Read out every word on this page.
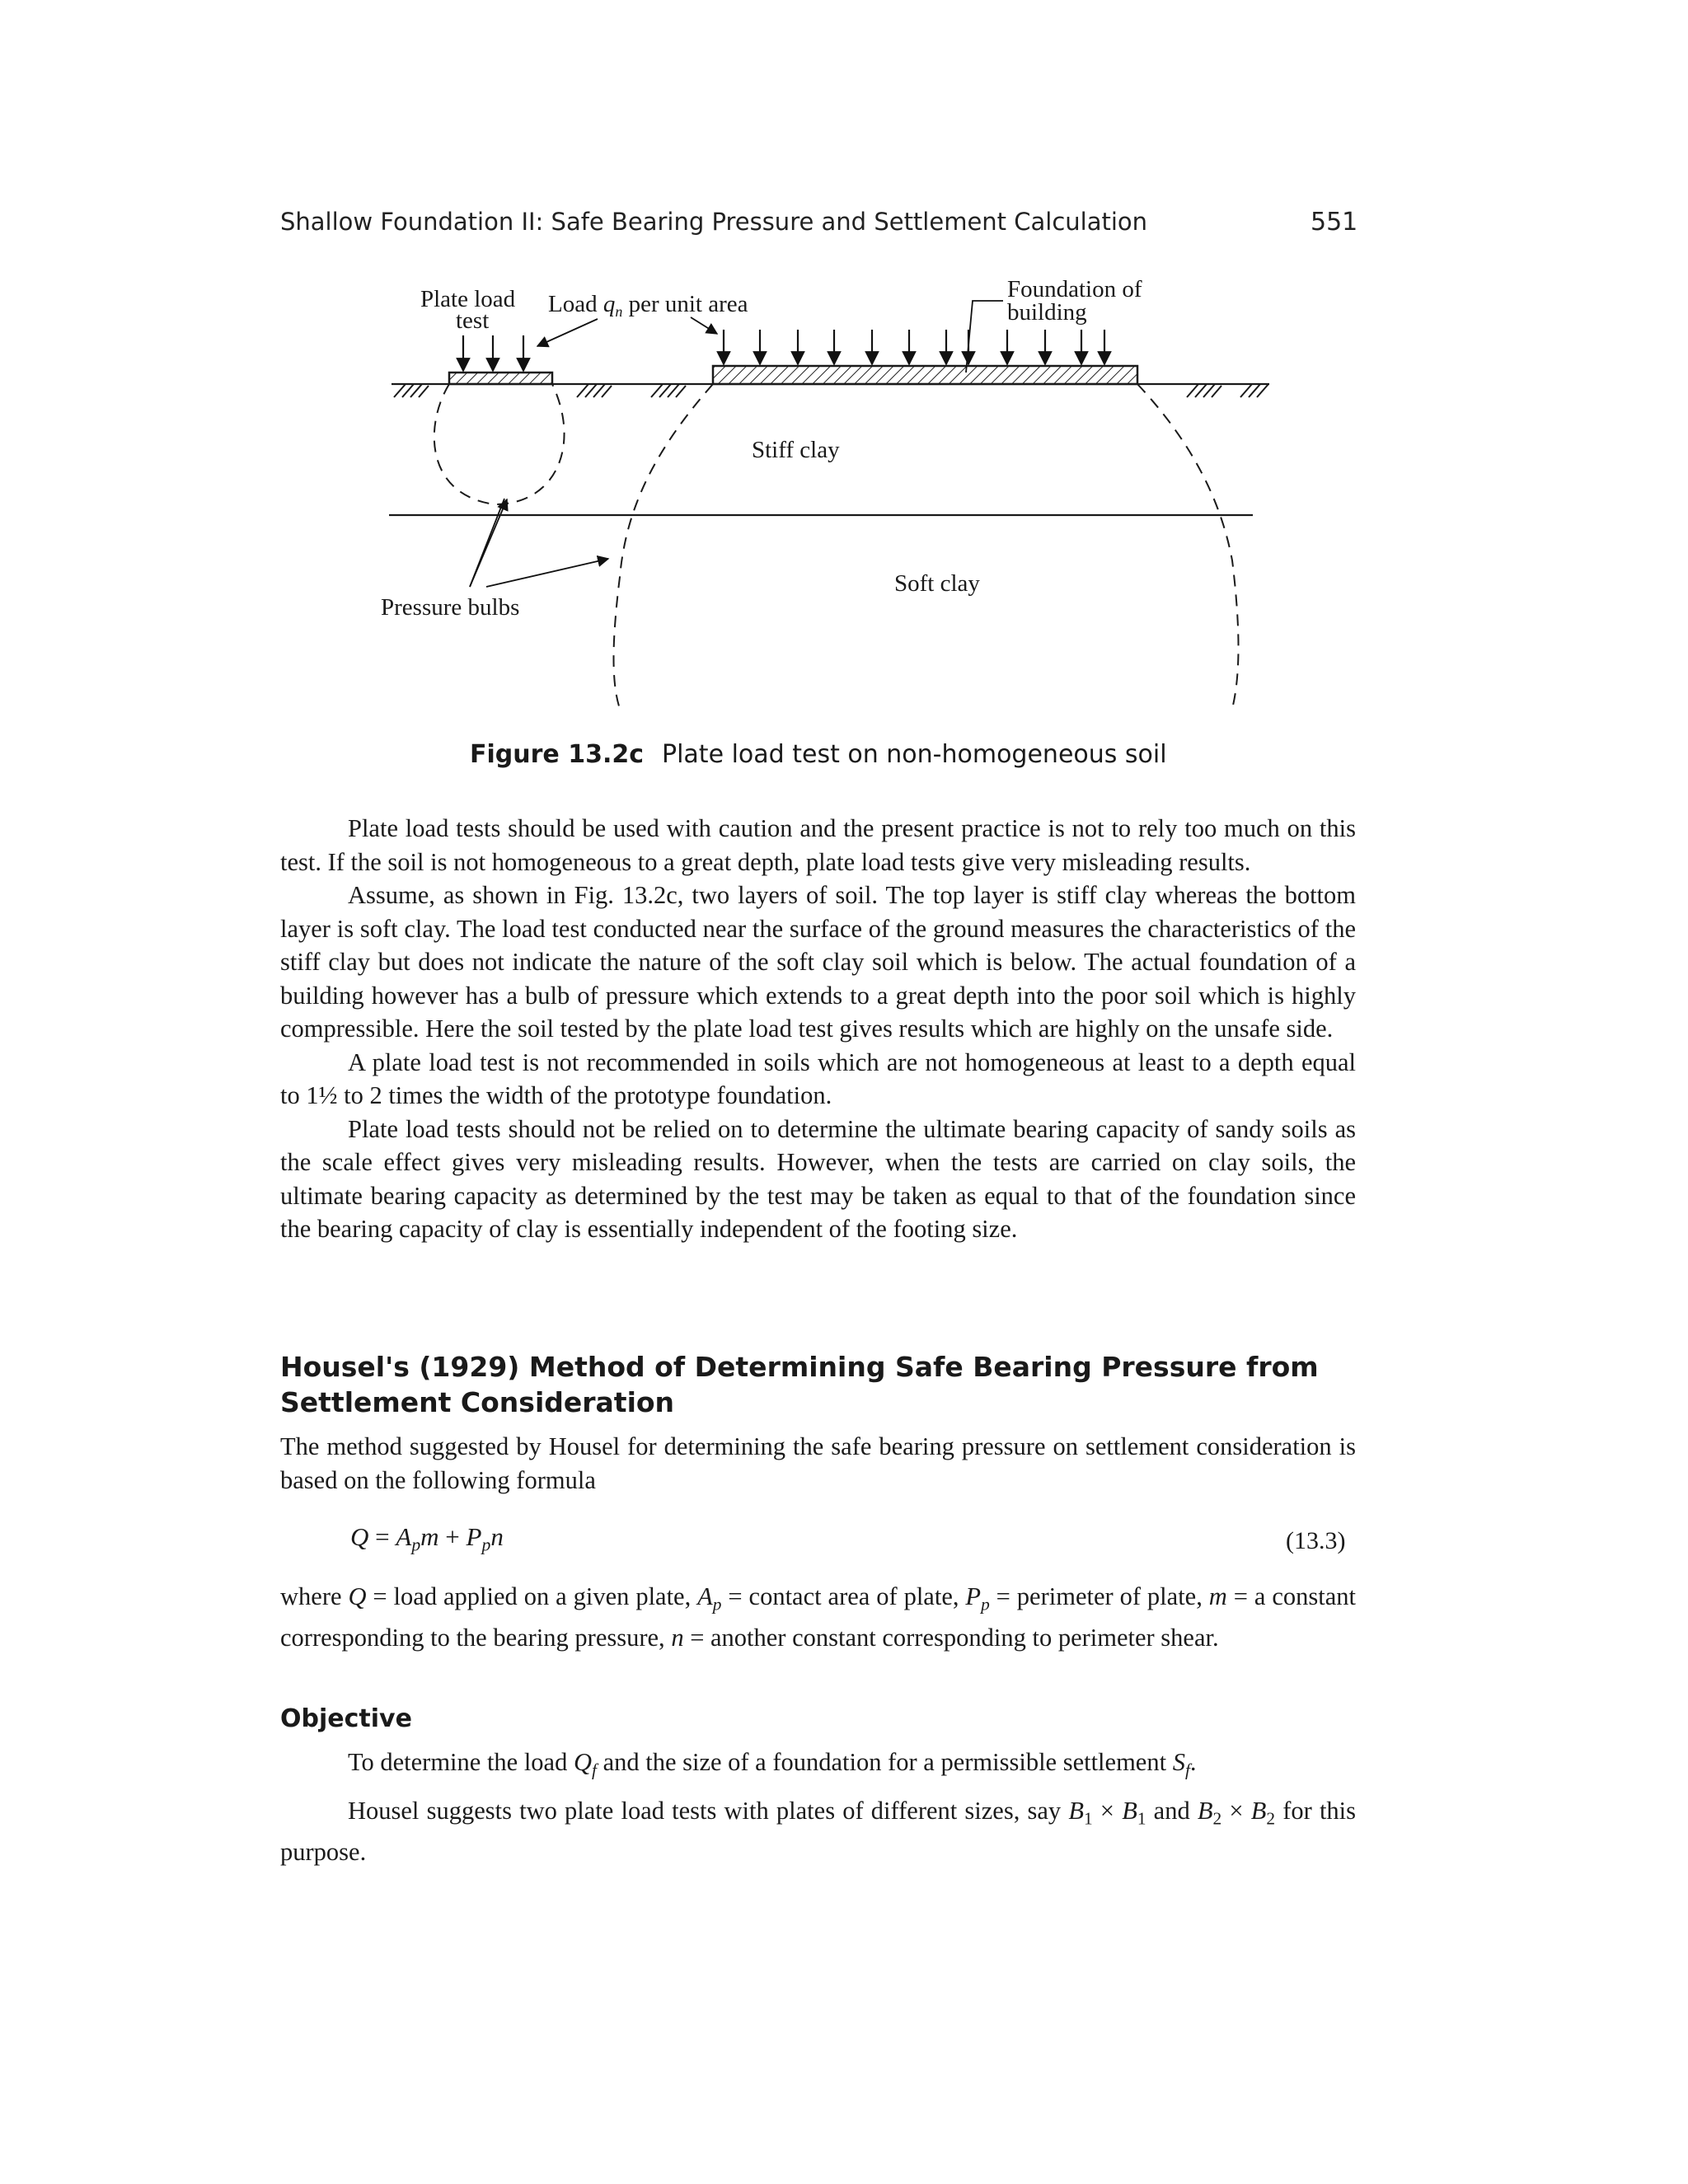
Shallow Foundation II: Safe Bearing Pressure and Settlement Calculation	551
Plate load
test
Load $q_n$ per unit area
Foundation of
building
Stiff clay
Soft clay
Pressure bulbs
Figure 13.2c Plate load test on non-homogeneous soil

Plate load tests should be used with caution and the present practice is not to rely too much on this test. If the soil is not homogeneous to a great depth, plate load tests give very misleading results.

Assume, as shown in Fig. 13.2c, two layers of soil. The top layer is stiff clay whereas the bottom layer is soft clay. The load test conducted near the surface of the ground measures the characteristics of the stiff clay but does not indicate the nature of the soft clay soil which is below. The actual foundation of a building however has a bulb of pressure which extends to a great depth into the poor soil which is highly compressible. Here the soil tested by the plate load test gives results which are highly on the unsafe side.

A plate load test is not recommended in soils which are not homogeneous at least to a depth equal to 1½ to 2 times the width of the prototype foundation.

Plate load tests should not be relied on to determine the ultimate bearing capacity of sandy soils as the scale effect gives very misleading results. However, when the tests are carried on clay soils, the ultimate bearing capacity as determined by the test may be taken as equal to that of the foundation since the bearing capacity of clay is essentially independent of the footing size.

Housel's (1929) Method of Determining Safe Bearing Pressure from Settlement Consideration

The method suggested by Housel for determining the safe bearing pressure on settlement consideration is based on the following formula

$Q = A_pm + P_pn$	(13.3)

where Q = load applied on a given plate, $A_p$ = contact area of plate, $P_p$ = perimeter of plate, m = a constant corresponding to the bearing pressure, n = another constant corresponding to perimeter shear.

Objective

To determine the load $Q_f$ and the size of a foundation for a permissible settlement $S_f$.

Housel suggests two plate load tests with plates of different sizes, say $B_1 \times B_1$ and $B_2 \times B_2$ for this purpose.
